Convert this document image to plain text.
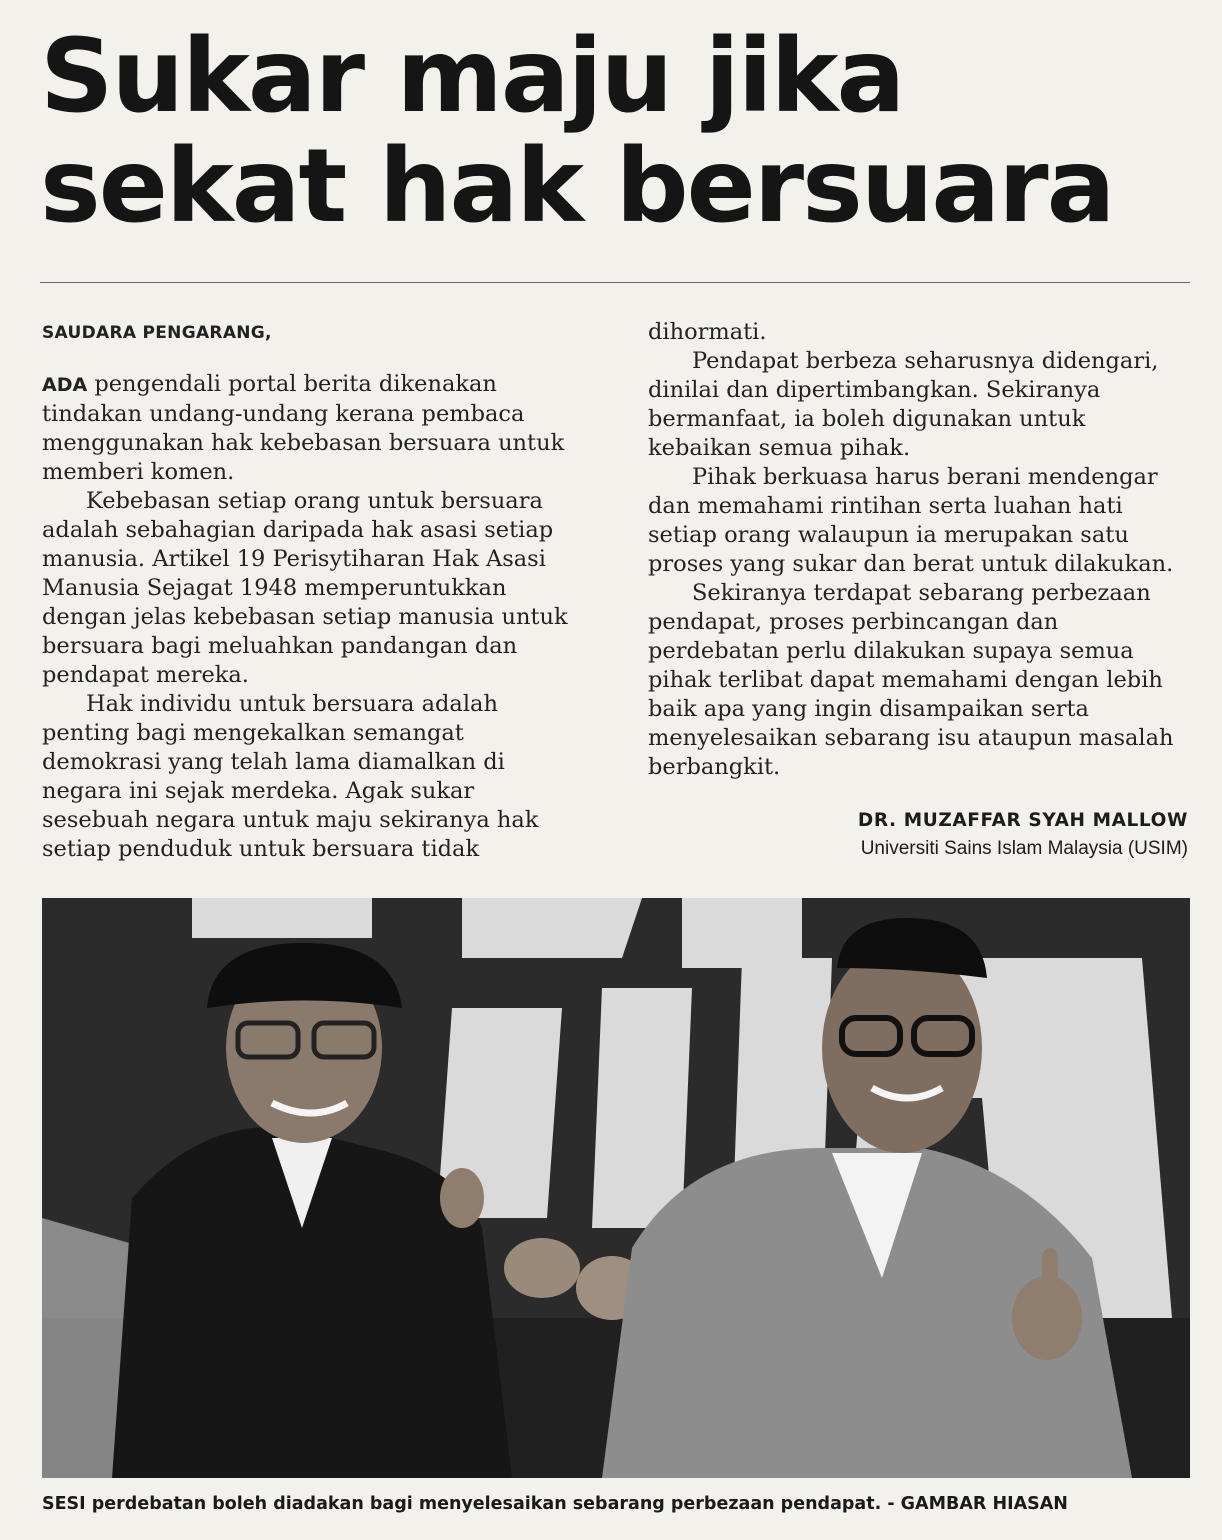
Sukar maju jika
sekat hak bersuara
SAUDARA PENGARANG,

ADA pengendali portal berita dikenakan tindakan undang-undang kerana pembaca menggunakan hak kebebasan bersuara untuk memberi komen.

Kebebasan setiap orang untuk bersuara adalah sebahagian daripada hak asasi setiap manusia. Artikel 19 Perisytiharan Hak Asasi Manusia Sejagat 1948 memperuntukkan dengan jelas kebebasan setiap manusia untuk bersuara bagi meluahkan pandangan dan pendapat mereka.

Hak individu untuk bersuara adalah penting bagi mengekalkan semangat demokrasi yang telah lama diamalkan di negara ini sejak merdeka. Agak sukar sesebuah negara untuk maju sekiranya hak setiap penduduk untuk bersuara tidak

dihormati.

Pendapat berbeza seharusnya didengari, dinilai dan dipertimbangkan. Sekiranya bermanfaat, ia boleh digunakan untuk kebaikan semua pihak.

Pihak berkuasa harus berani mendengar dan memahami rintihan serta luahan hati setiap orang walaupun ia merupakan satu proses yang sukar dan berat untuk dilakukan.

Sekiranya terdapat sebarang perbezaan pendapat, proses perbincangan dan perdebatan perlu dilakukan supaya semua pihak terlibat dapat memahami dengan lebih baik apa yang ingin disampaikan serta menyelesaikan sebarang isu ataupun masalah berbangkit.

DR. MUZAFFAR SYAH MALLOW
Universiti Sains Islam Malaysia (USIM)
SESI perdebatan boleh diadakan bagi menyelesaikan sebarang perbezaan pendapat. - GAMBAR HIASAN
